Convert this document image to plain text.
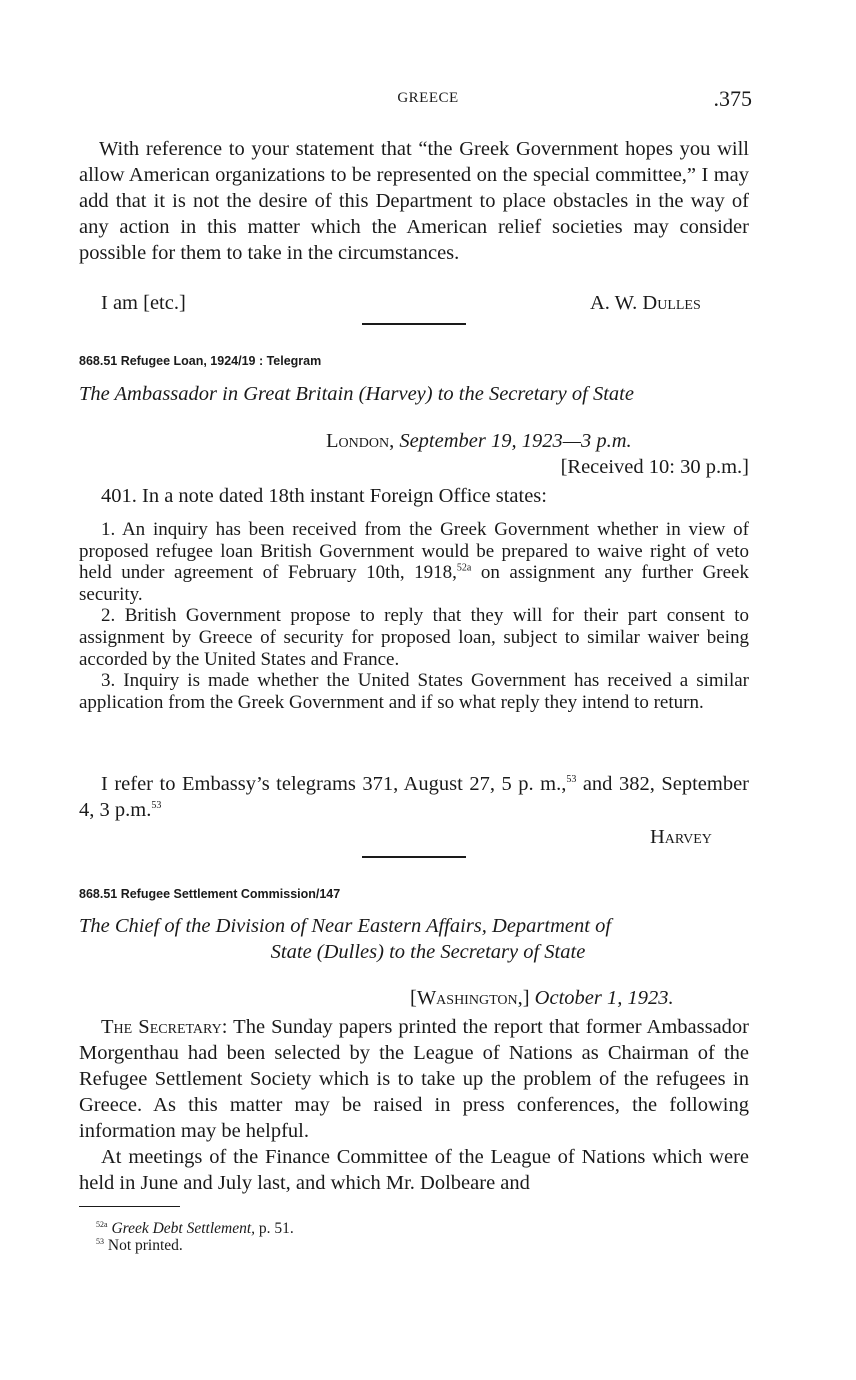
GREECE	.375

With reference to your statement that “the Greek Government hopes you will allow American organizations to be represented on the special committee,” I may add that it is not the desire of this Department to place obstacles in the way of any action in this matter which the American relief societies may consider possible for them to take in the circumstances.

I am [etc.]	A. W. Dulles
868.51 Refugee Loan, 1924/19 : Telegram
The Ambassador in Great Britain (Harvey) to the Secretary of State
London, September 19, 1923—3 p.m.
[Received 10: 30 p.m.]
401. In a note dated 18th instant Foreign Office states:

1. An inquiry has been received from the Greek Government whether in view of proposed refugee loan British Government would be prepared to waive right of veto held under agreement of February 10th, 1918,$^{52a}$ on assignment any further Greek security.

2. British Government propose to reply that they will for their part consent to assignment by Greece of security for proposed loan, subject to similar waiver being accorded by the United States and France.

3. Inquiry is made whether the United States Government has received a similar application from the Greek Government and if so what reply they intend to return.

I refer to Embassy’s telegrams 371, August 27, 5 p. m.,$^{53}$ and 382, September 4, 3 p.m.$^{53}$

Harvey
868.51 Refugee Settlement Commission/147
The Chief of the Division of Near Eastern Affairs, Department of
State (Dulles) to the Secretary of State
[Washington,] October 1, 1923.

The Secretary: The Sunday papers printed the report that former Ambassador Morgenthau had been selected by the League of Nations as Chairman of the Refugee Settlement Society which is to take up the problem of the refugees in Greece. As this matter may be raised in press conferences, the following information may be helpful.

At meetings of the Finance Committee of the League of Nations which were held in June and July last, and which Mr. Dolbeare and

$^{52a}$ Greek Debt Settlement, p. 51.
$^{53}$ Not printed.
